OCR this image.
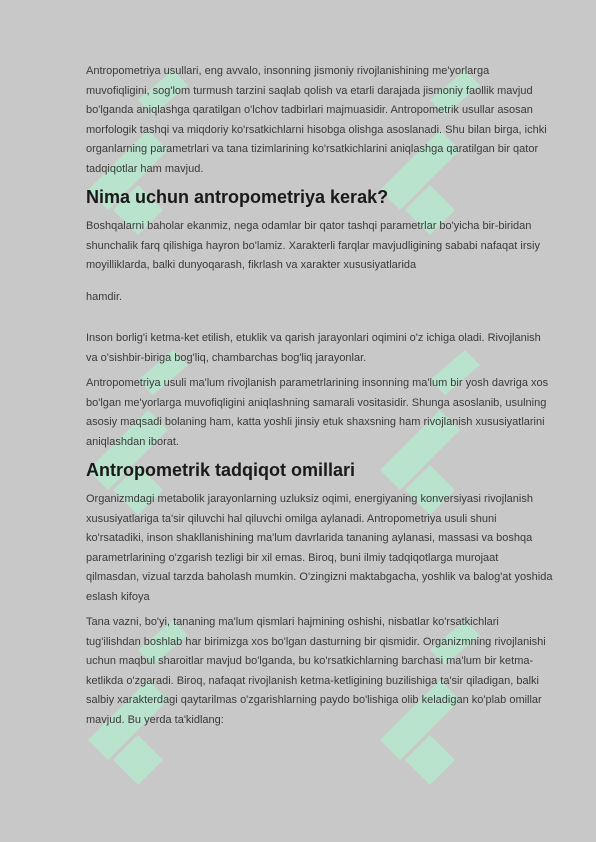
Antropometriya usullari, eng avvalo, insonning jismoniy rivojlanishining me'yorlarga muvofiqligini, sog'lom turmush tarzini saqlab qolish va etarli darajada jismoniy faollik mavjud bo'lganda aniqlashga qaratilgan o'lchov tadbirlari majmuasidir. Antropometrik usullar asosan morfologik tashqi va miqdoriy ko'rsatkichlarni hisobga olishga asoslanadi. Shu bilan birga, ichki organlarning parametrlari va tana tizimlarining ko'rsatkichlarini aniqlashga qaratilgan bir qator tadqiqotlar ham mavjud.

Nima uchun antropometriya kerak?

Boshqalarni baholar ekanmiz, nega odamlar bir qator tashqi parametrlar bo'yicha bir-biridan shunchalik farq qilishiga hayron bo'lamiz. Xarakterli farqlar mavjudligining sababi nafaqat irsiy moyilliklarda, balki dunyoqarash, fikrlash va xarakter xususiyatlarida

hamdir.

Inson borlig'i ketma-ket etilish, etuklik va qarish jarayonlari oqimini o'z ichiga oladi. Rivojlanish va o'sishbir-biriga bog'liq, chambarchas bog'liq jarayonlar.

Antropometriya usuli ma'lum rivojlanish parametrlarining insonning ma'lum bir yosh davriga xos bo'lgan me'yorlarga muvofiqligini aniqlashning samarali vositasidir. Shunga asoslanib, usulning asosiy maqsadi bolaning ham, katta yoshli jinsiy etuk shaxsning ham rivojlanish xususiyatlarini aniqlashdan iborat.

Antropometrik tadqiqot omillari

Organizmdagi metabolik jarayonlarning uzluksiz oqimi, energiyaning konversiyasi rivojlanish xususiyatlariga ta'sir qiluvchi hal qiluvchi omilga aylanadi. Antropometriya usuli shuni ko'rsatadiki, inson shakllanishining ma'lum davrlarida tananing aylanasi, massasi va boshqa parametrlarining o'zgarish tezligi bir xil emas. Biroq, buni ilmiy tadqiqotlarga murojaat qilmasdan, vizual tarzda baholash mumkin. O'zingizni maktabgacha, yoshlik va balog'at yoshida eslash kifoya

Tana vazni, bo'yi, tananing ma'lum qismlari hajmining oshishi, nisbatlar ko'rsatkichlari tug'ilishdan boshlab har birimizga xos bo'lgan dasturning bir qismidir. Organizmning rivojlanishi uchun maqbul sharoitlar mavjud bo'lganda, bu ko'rsatkichlarning barchasi ma'lum bir ketma-ketlikda o'zgaradi. Biroq, nafaqat rivojlanish ketma-ketligining buzilishiga ta'sir qiladigan, balki salbiy xarakterdagi qaytarilmas o'zgarishlarning paydo bo'lishiga olib keladigan ko'plab omillar mavjud. Bu yerda ta'kidlang:
